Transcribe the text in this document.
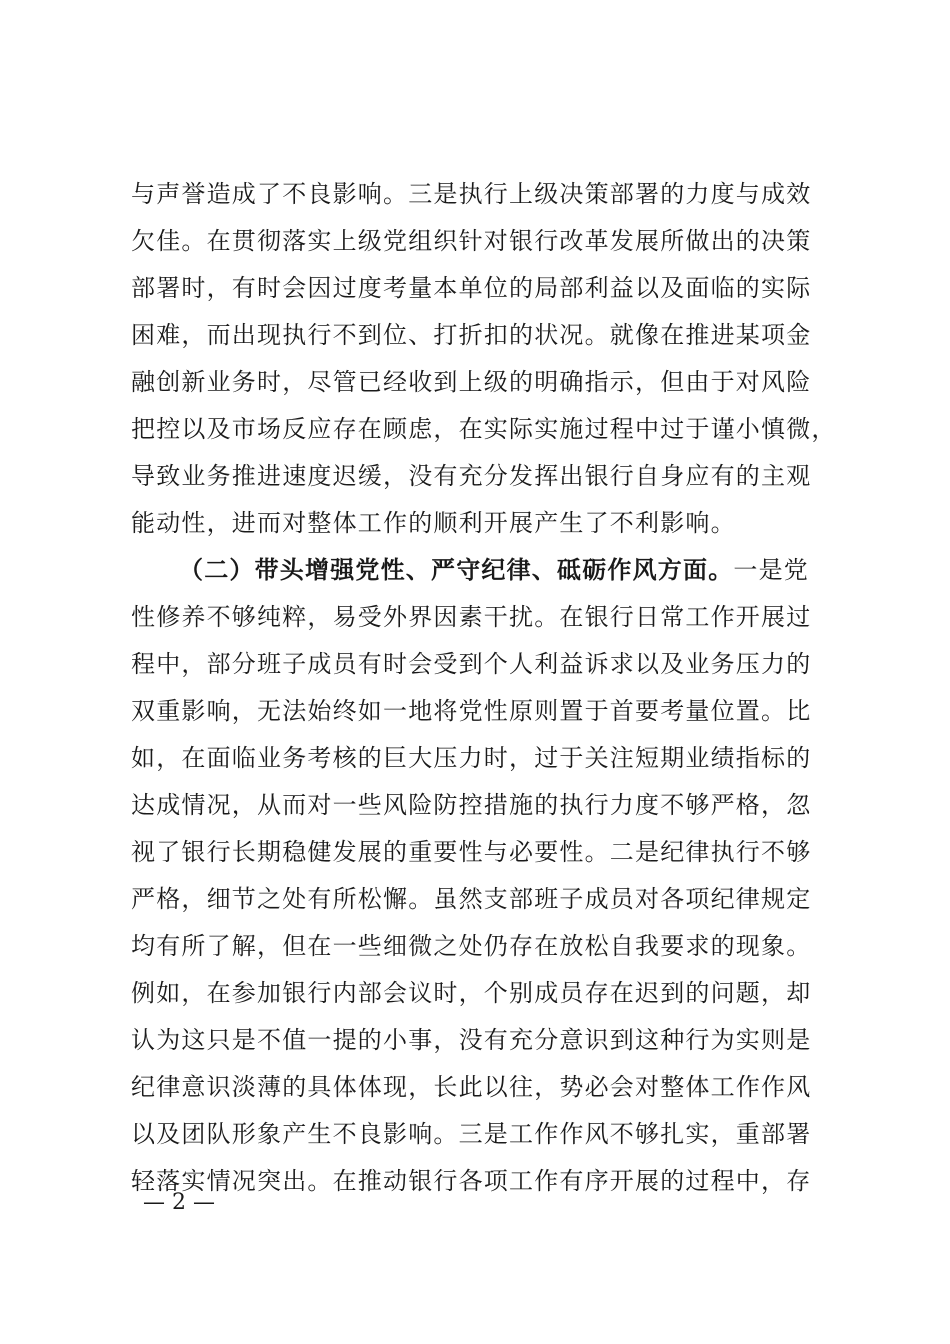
与声誉造成了不良影响。三是执行上级决策部署的力度与成效
欠佳。在贯彻落实上级党组织针对银行改革发展所做出的决策
部署时，有时会因过度考量本单位的局部利益以及面临的实际
困难，而出现执行不到位、打折扣的状况。就像在推进某项金
融创新业务时，尽管已经收到上级的明确指示，但由于对风险
把控以及市场反应存在顾虑，在实际实施过程中过于谨小慎微，
导致业务推进速度迟缓，没有充分发挥出银行自身应有的主观
能动性，进而对整体工作的顺利开展产生了不利影响。
（二）带头增强党性、严守纪律、砥砺作风方面。一是党
性修养不够纯粹，易受外界因素干扰。在银行日常工作开展过
程中，部分班子成员有时会受到个人利益诉求以及业务压力的
双重影响，无法始终如一地将党性原则置于首要考量位置。比
如，在面临业务考核的巨大压力时，过于关注短期业绩指标的
达成情况，从而对一些风险防控措施的执行力度不够严格，忽
视了银行长期稳健发展的重要性与必要性。二是纪律执行不够
严格，细节之处有所松懈。虽然支部班子成员对各项纪律规定
均有所了解，但在一些细微之处仍存在放松自我要求的现象。
例如，在参加银行内部会议时，个别成员存在迟到的问题，却
认为这只是不值一提的小事，没有充分意识到这种行为实则是
纪律意识淡薄的具体体现，长此以往，势必会对整体工作作风
以及团队形象产生不良影响。三是工作作风不够扎实，重部署
轻落实情况突出。在推动银行各项工作有序开展的过程中，存
— 2 —
